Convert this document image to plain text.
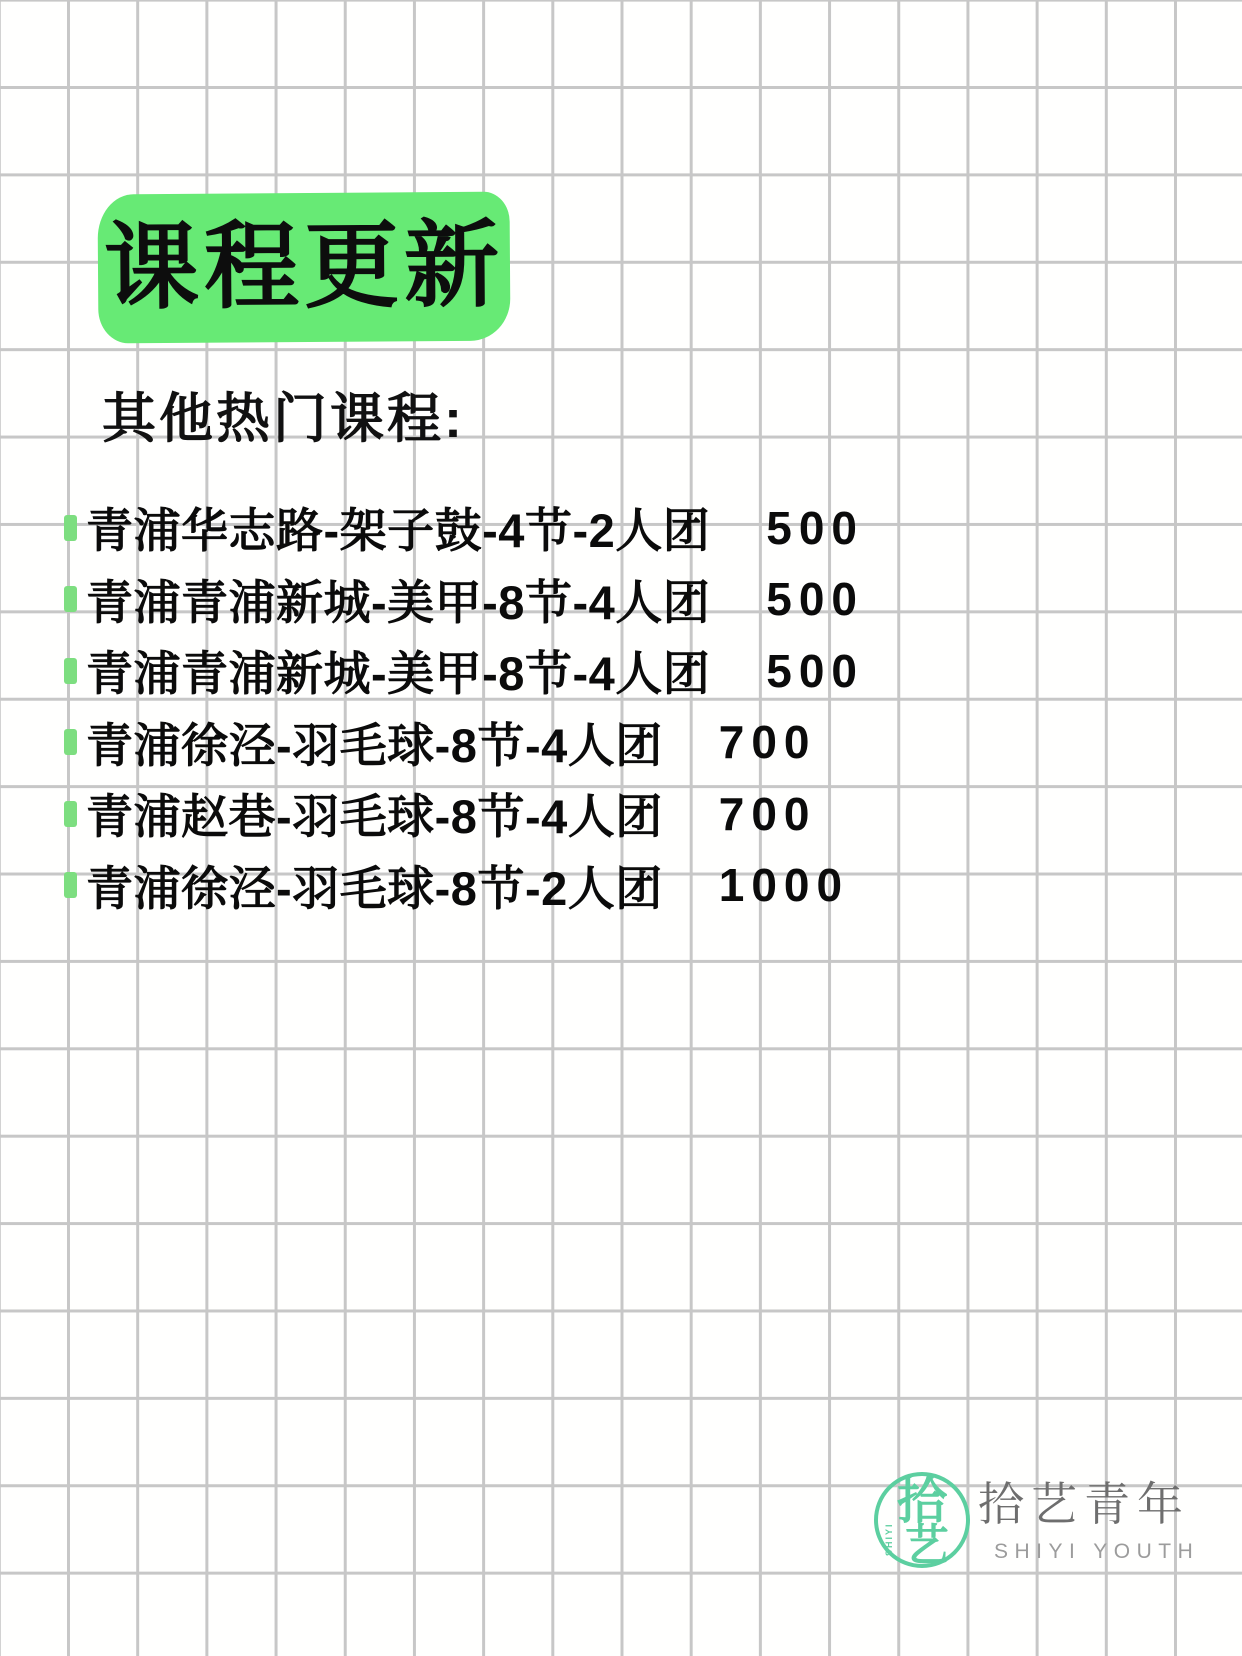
课程更新
其他热门课程:
青浦华志路-架子鼓-4节-2人团 500
青浦青浦新城-美甲-8节-4人团 500
青浦青浦新城-美甲-8节-4人团 500
青浦徐泾-羽毛球-8节-4人团 700
青浦赵巷-羽毛球-8节-4人团 700
青浦徐泾-羽毛球-8节-2人团 1000
拾
艺
SHIYI
拾艺青年
SHIYI YOUTH
